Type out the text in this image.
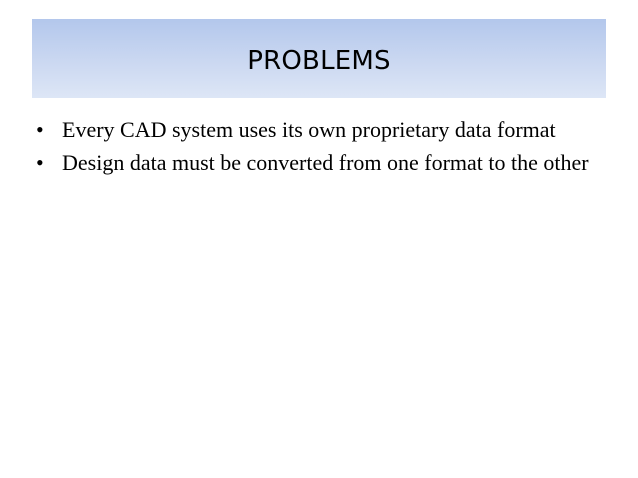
PROBLEMS
• Every CAD system uses its own proprietary data format
• Design data must be converted from one format to the other
